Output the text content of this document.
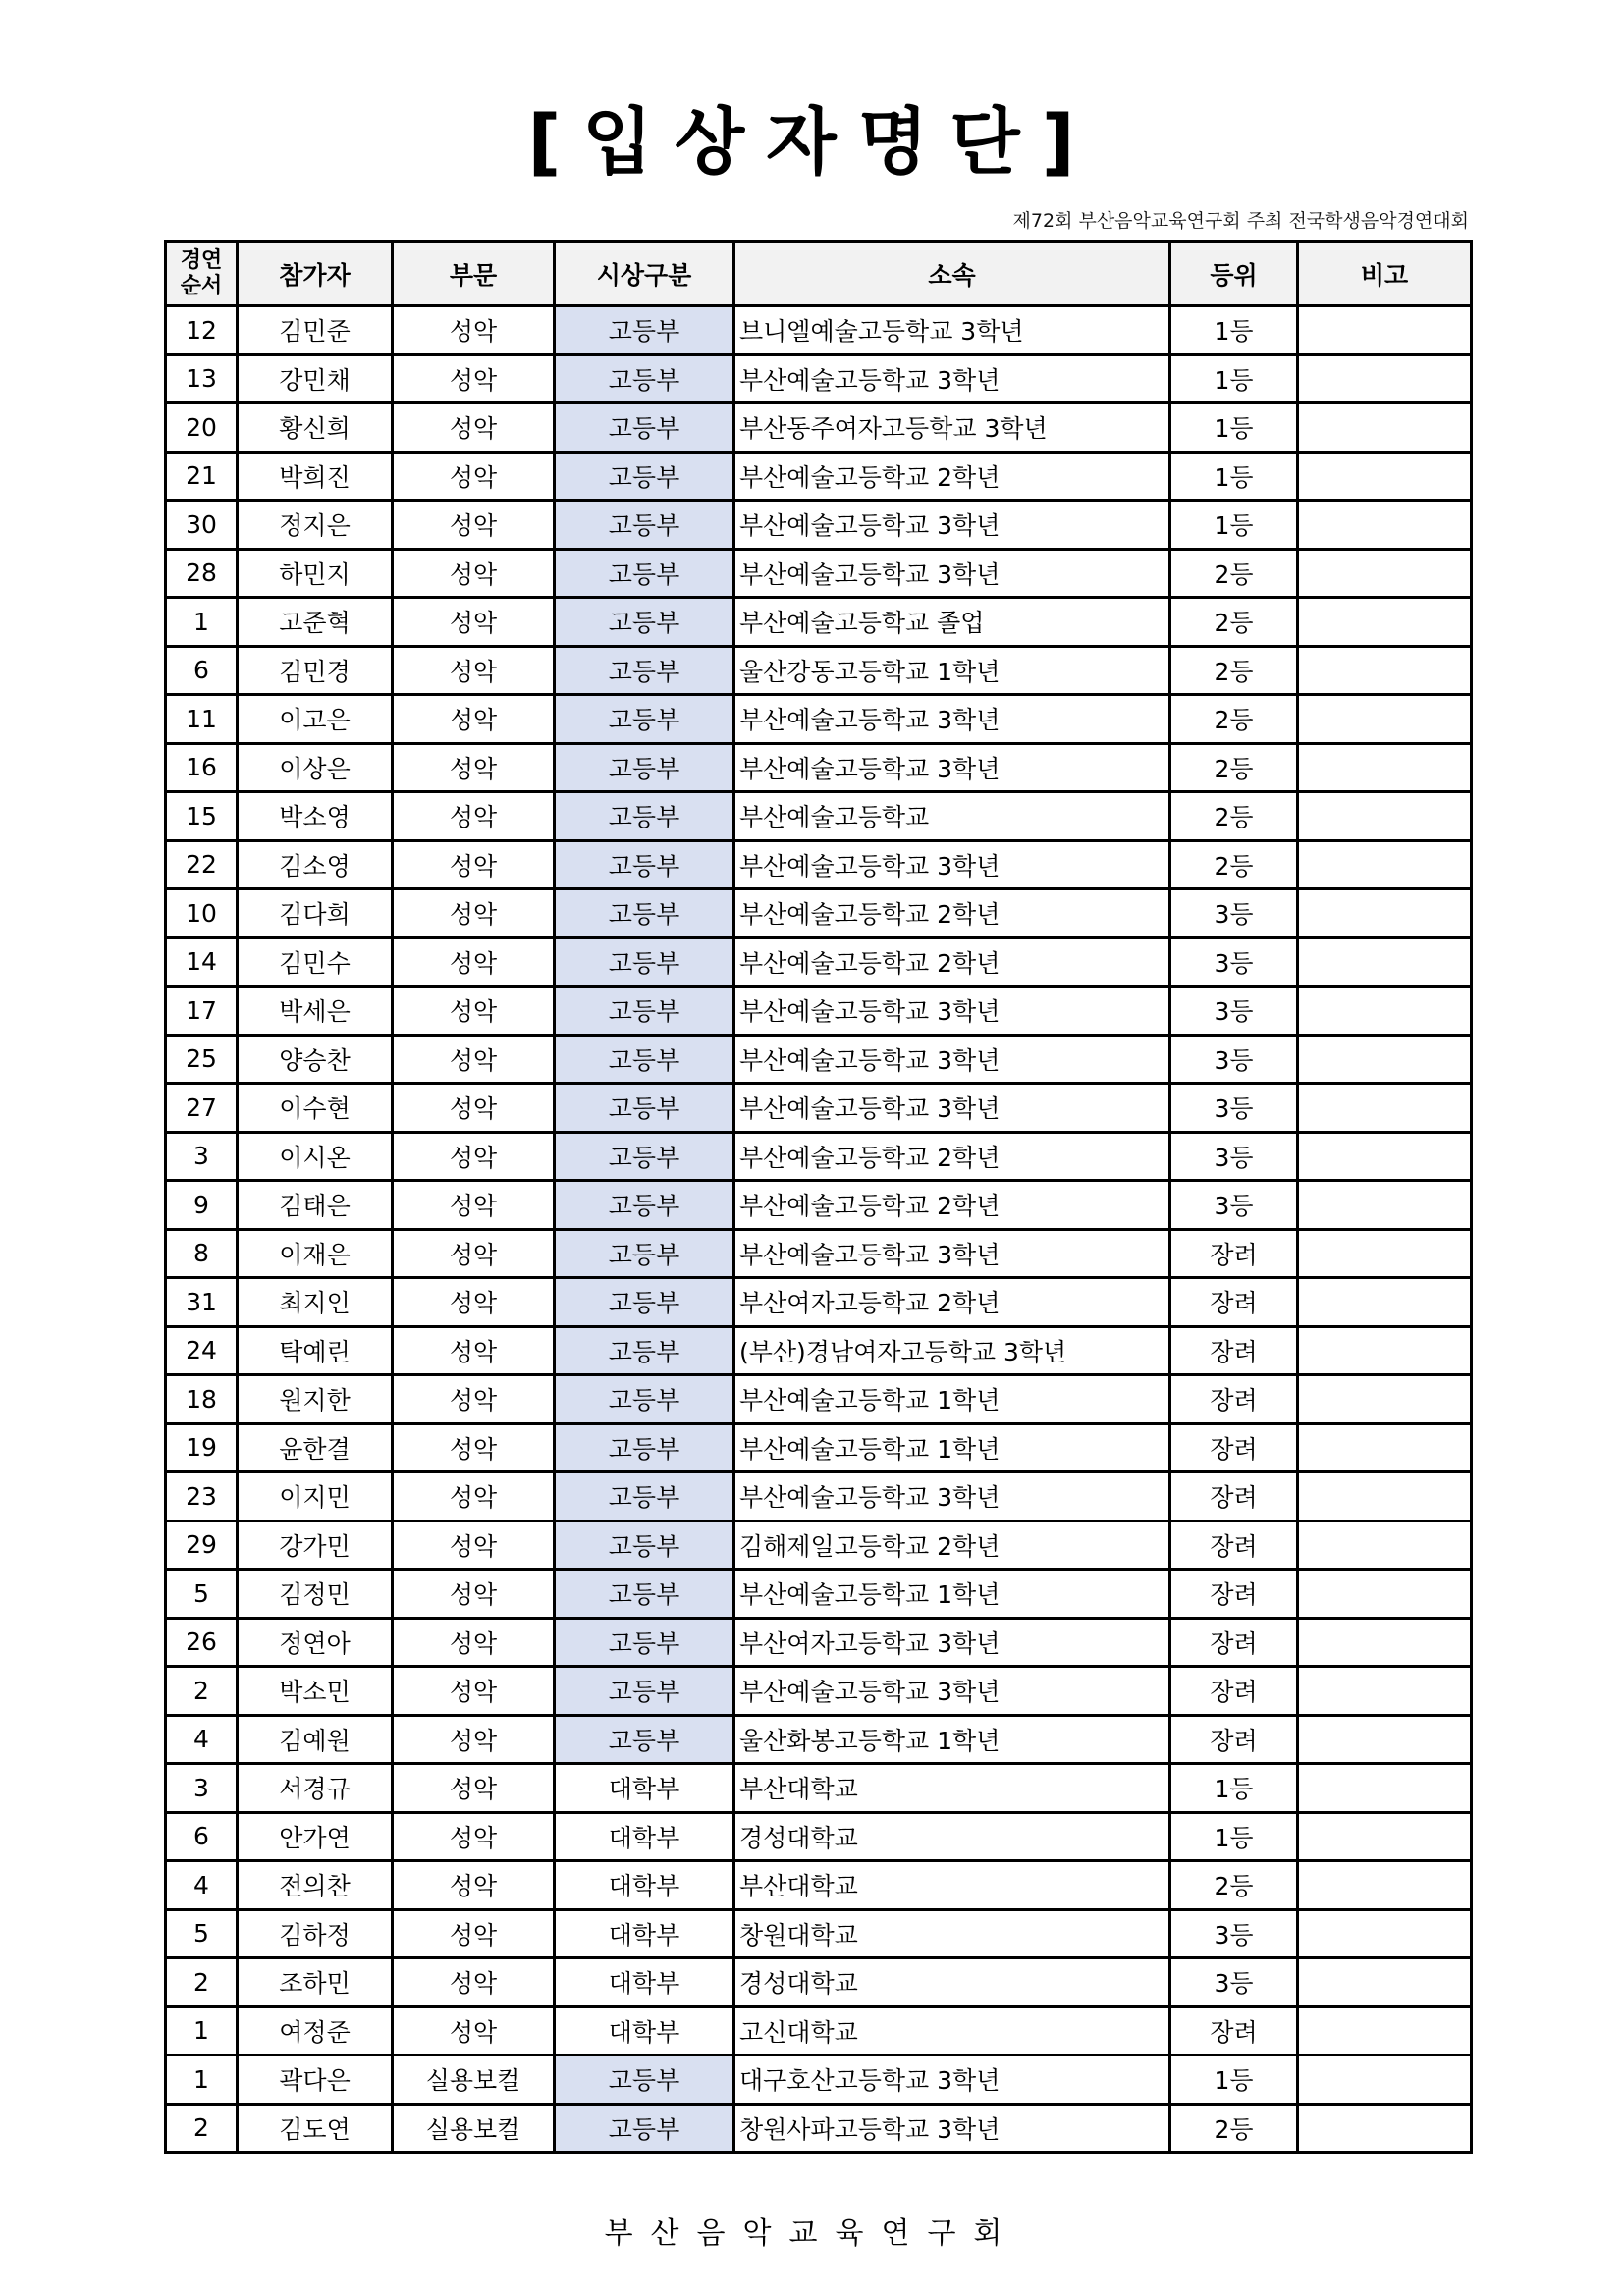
[입상자명단]
제72회 부산음악교육연구회 주최 전국학생음악경연대회
경연
순서	참가자	부문	시상구분	소속	등위	비고
12	김민준	성악	고등부	브니엘예술고등학교 3학년	1등	
13	강민채	성악	고등부	부산예술고등학교 3학년	1등	
20	황신희	성악	고등부	부산동주여자고등학교 3학년	1등	
21	박희진	성악	고등부	부산예술고등학교 2학년	1등	
30	정지은	성악	고등부	부산예술고등학교 3학년	1등	
28	하민지	성악	고등부	부산예술고등학교 3학년	2등	
1	고준혁	성악	고등부	부산예술고등학교 졸업	2등	
6	김민경	성악	고등부	울산강동고등학교 1학년	2등	
11	이고은	성악	고등부	부산예술고등학교 3학년	2등	
16	이상은	성악	고등부	부산예술고등학교 3학년	2등	
15	박소영	성악	고등부	부산예술고등학교	2등	
22	김소영	성악	고등부	부산예술고등학교 3학년	2등	
10	김다희	성악	고등부	부산예술고등학교 2학년	3등	
14	김민수	성악	고등부	부산예술고등학교 2학년	3등	
17	박세은	성악	고등부	부산예술고등학교 3학년	3등	
25	양승찬	성악	고등부	부산예술고등학교 3학년	3등	
27	이수현	성악	고등부	부산예술고등학교 3학년	3등	
3	이시온	성악	고등부	부산예술고등학교 2학년	3등	
9	김태은	성악	고등부	부산예술고등학교 2학년	3등	
8	이재은	성악	고등부	부산예술고등학교 3학년	장려	
31	최지인	성악	고등부	부산여자고등학교 2학년	장려	
24	탁예린	성악	고등부	(부산)경남여자고등학교 3학년	장려	
18	원지한	성악	고등부	부산예술고등학교 1학년	장려	
19	윤한결	성악	고등부	부산예술고등학교 1학년	장려	
23	이지민	성악	고등부	부산예술고등학교 3학년	장려	
29	강가민	성악	고등부	김해제일고등학교 2학년	장려	
5	김정민	성악	고등부	부산예술고등학교 1학년	장려	
26	정연아	성악	고등부	부산여자고등학교 3학년	장려	
2	박소민	성악	고등부	부산예술고등학교 3학년	장려	
4	김예원	성악	고등부	울산화봉고등학교 1학년	장려	
3	서경규	성악	대학부	부산대학교	1등	
6	안가연	성악	대학부	경성대학교	1등	
4	전의찬	성악	대학부	부산대학교	2등	
5	김하정	성악	대학부	창원대학교	3등	
2	조하민	성악	대학부	경성대학교	3등	
1	여정준	성악	대학부	고신대학교	장려	
1	곽다은	실용보컬	고등부	대구호산고등학교 3학년	1등	
2	김도연	실용보컬	고등부	창원사파고등학교 3학년	2등	
부산음악교육연구회
